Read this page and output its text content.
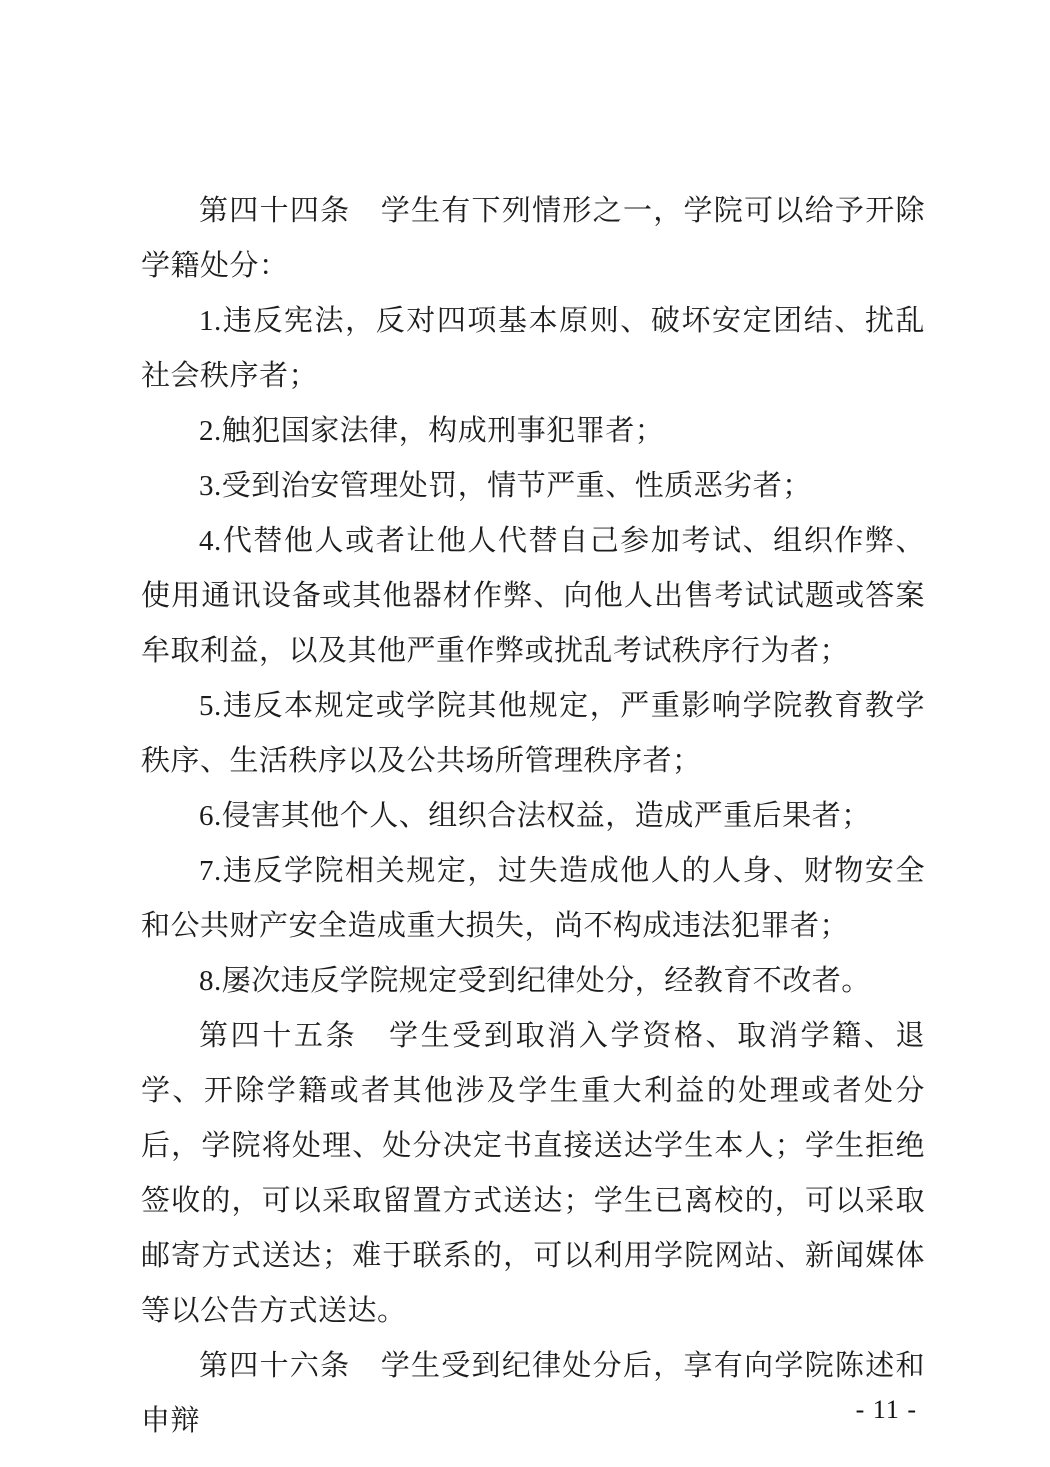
第四十四条　学生有下列情形之一，学院可以给予开除学籍处分：

1.违反宪法，反对四项基本原则、破坏安定团结、扰乱社会秩序者；

2.触犯国家法律，构成刑事犯罪者；

3.受到治安管理处罚，情节严重、性质恶劣者；

4.代替他人或者让他人代替自己参加考试、组织作弊、使用通讯设备或其他器材作弊、向他人出售考试试题或答案牟取利益，以及其他严重作弊或扰乱考试秩序行为者；

5.违反本规定或学院其他规定，严重影响学院教育教学秩序、生活秩序以及公共场所管理秩序者；

6.侵害其他个人、组织合法权益，造成严重后果者；

7.违反学院相关规定，过失造成他人的人身、财物安全和公共财产安全造成重大损失，尚不构成违法犯罪者；

8.屡次违反学院规定受到纪律处分，经教育不改者。

第四十五条　学生受到取消入学资格、取消学籍、退学、开除学籍或者其他涉及学生重大利益的处理或者处分后，学院将处理、处分决定书直接送达学生本人；学生拒绝签收的，可以采取留置方式送达；学生已离校的，可以采取邮寄方式送达；难于联系的，可以利用学院网站、新闻媒体等以公告方式送达。

第四十六条　学生受到纪律处分后，享有向学院陈述和申辩	- 11 -
